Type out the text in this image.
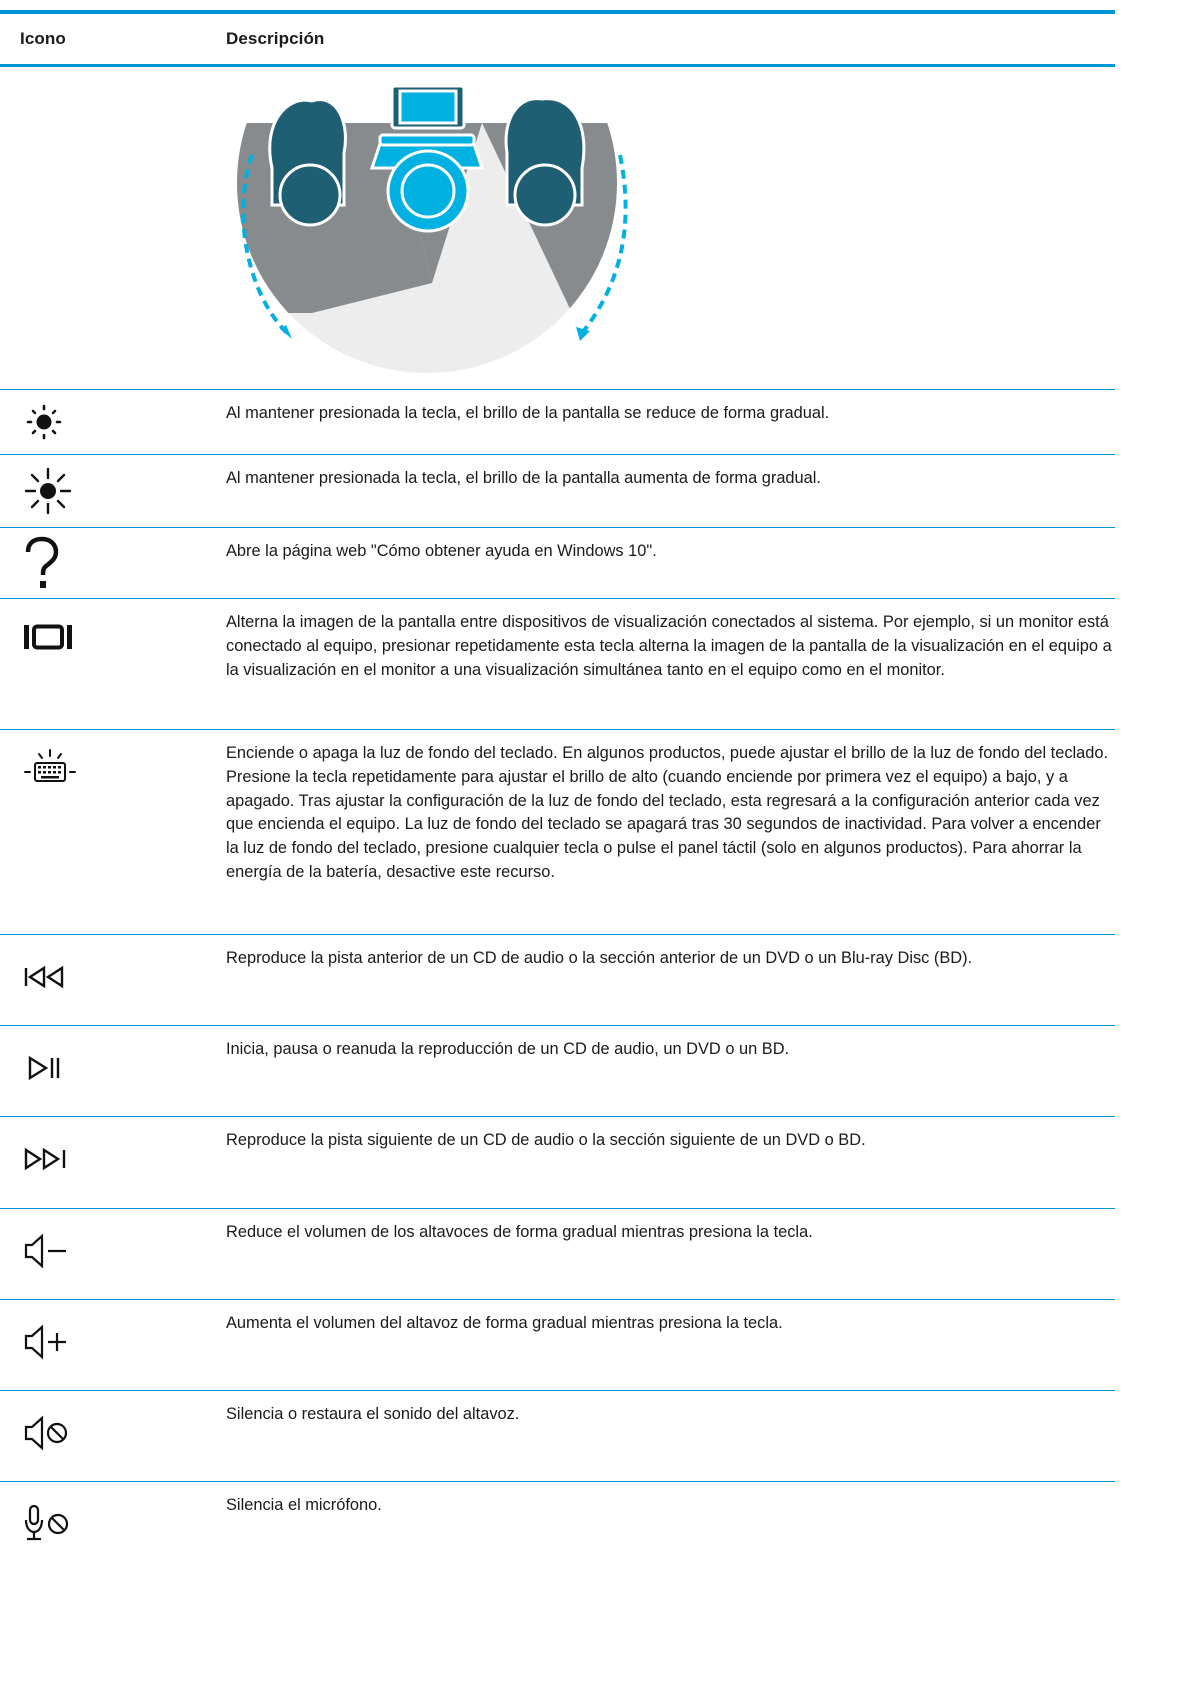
Icono	Descripción
Al mantener presionada la tecla, el brillo de la pantalla se reduce de forma gradual.
Al mantener presionada la tecla, el brillo de la pantalla aumenta de forma gradual.
Abre la página web "Cómo obtener ayuda en Windows 10".
Alterna la imagen de la pantalla entre dispositivos de visualización conectados al sistema. Por ejemplo, si un monitor está conectado al equipo, presionar repetidamente esta tecla alterna la imagen de la pantalla de la visualización en el equipo a la visualización en el monitor a una visualización simultánea tanto en el equipo como en el monitor.
Enciende o apaga la luz de fondo del teclado. En algunos productos, puede ajustar el brillo de la luz de fondo del teclado. Presione la tecla repetidamente para ajustar el brillo de alto (cuando enciende por primera vez el equipo) a bajo, y a apagado. Tras ajustar la configuración de la luz de fondo del teclado, esta regresará a la configuración anterior cada vez que encienda el equipo. La luz de fondo del teclado se apagará tras 30 segundos de inactividad. Para volver a encender la luz de fondo del teclado, presione cualquier tecla o pulse el panel táctil (solo en algunos productos). Para ahorrar la energía de la batería, desactive este recurso.
Reproduce la pista anterior de un CD de audio o la sección anterior de un DVD o un Blu-ray Disc (BD).
Inicia, pausa o reanuda la reproducción de un CD de audio, un DVD o un BD.
Reproduce la pista siguiente de un CD de audio o la sección siguiente de un DVD o BD.
Reduce el volumen de los altavoces de forma gradual mientras presiona la tecla.
Aumenta el volumen del altavoz de forma gradual mientras presiona la tecla.
Silencia o restaura el sonido del altavoz.
Silencia el micrófono.
